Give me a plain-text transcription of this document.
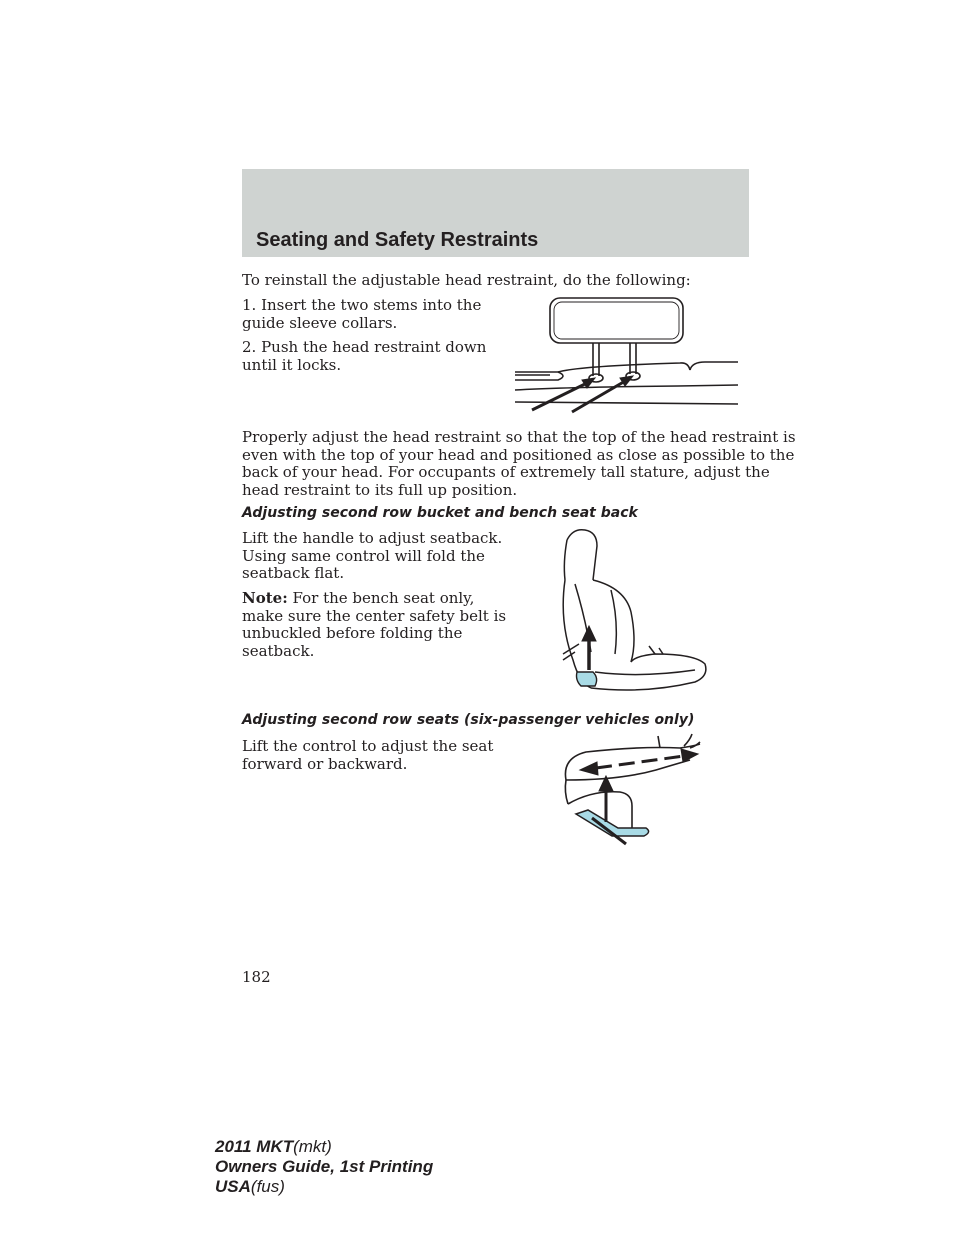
Seating and Safety Restraints

To reinstall the adjustable head restraint, do the following:

1. Insert the two stems into the

guide sleeve collars.

2. Push the head restraint down

until it locks.

Properly adjust the head restraint so that the top of the head restraint is

even with the top of your head and positioned as close as possible to the

back of your head. For occupants of extremely tall stature, adjust the

head restraint to its full up position.

Adjusting second row bucket and bench seat back

Lift the handle to adjust seatback.

Using same control will fold the

seatback flat.

Note: For the bench seat only,

make sure the center safety belt is

unbuckled before folding the

seatback.

Adjusting second row seats (six-passenger vehicles only)

Lift the control to adjust the seat

forward or backward.

182

2011 MKT(mkt)
Owners Guide, 1st Printing
USA(fus)
